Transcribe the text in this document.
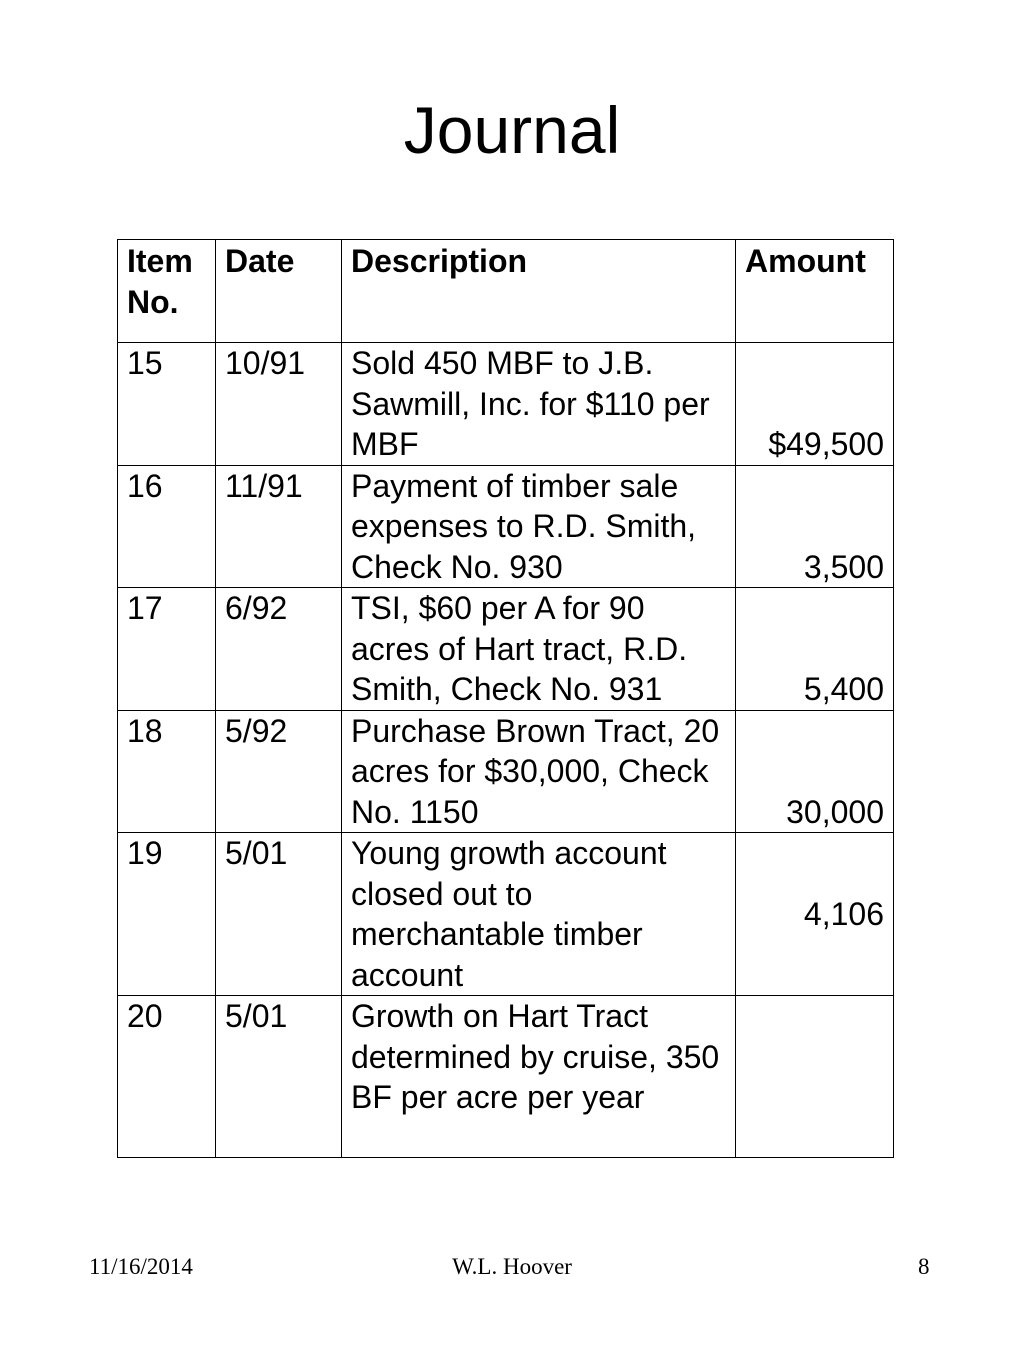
Journal
Item No.	Date	Description	Amount
15	10/91	Sold 450 MBF to J.B. Sawmill, Inc. for $110 per MBF	$49,500
16	11/91	Payment of timber sale expenses to R.D. Smith, Check No. 930	3,500
17	6/92	TSI, $60 per A for 90 acres of Hart tract, R.D. Smith, Check No. 931	5,400
18	5/92	Purchase Brown Tract, 20 acres for $30,000, Check No. 1150	30,000
19	5/01	Young growth account closed out to merchantable timber account	4,106
20	5/01	Growth on Hart Tract determined by cruise, 350 BF per acre per year	
11/16/2014	W.L. Hoover	8
